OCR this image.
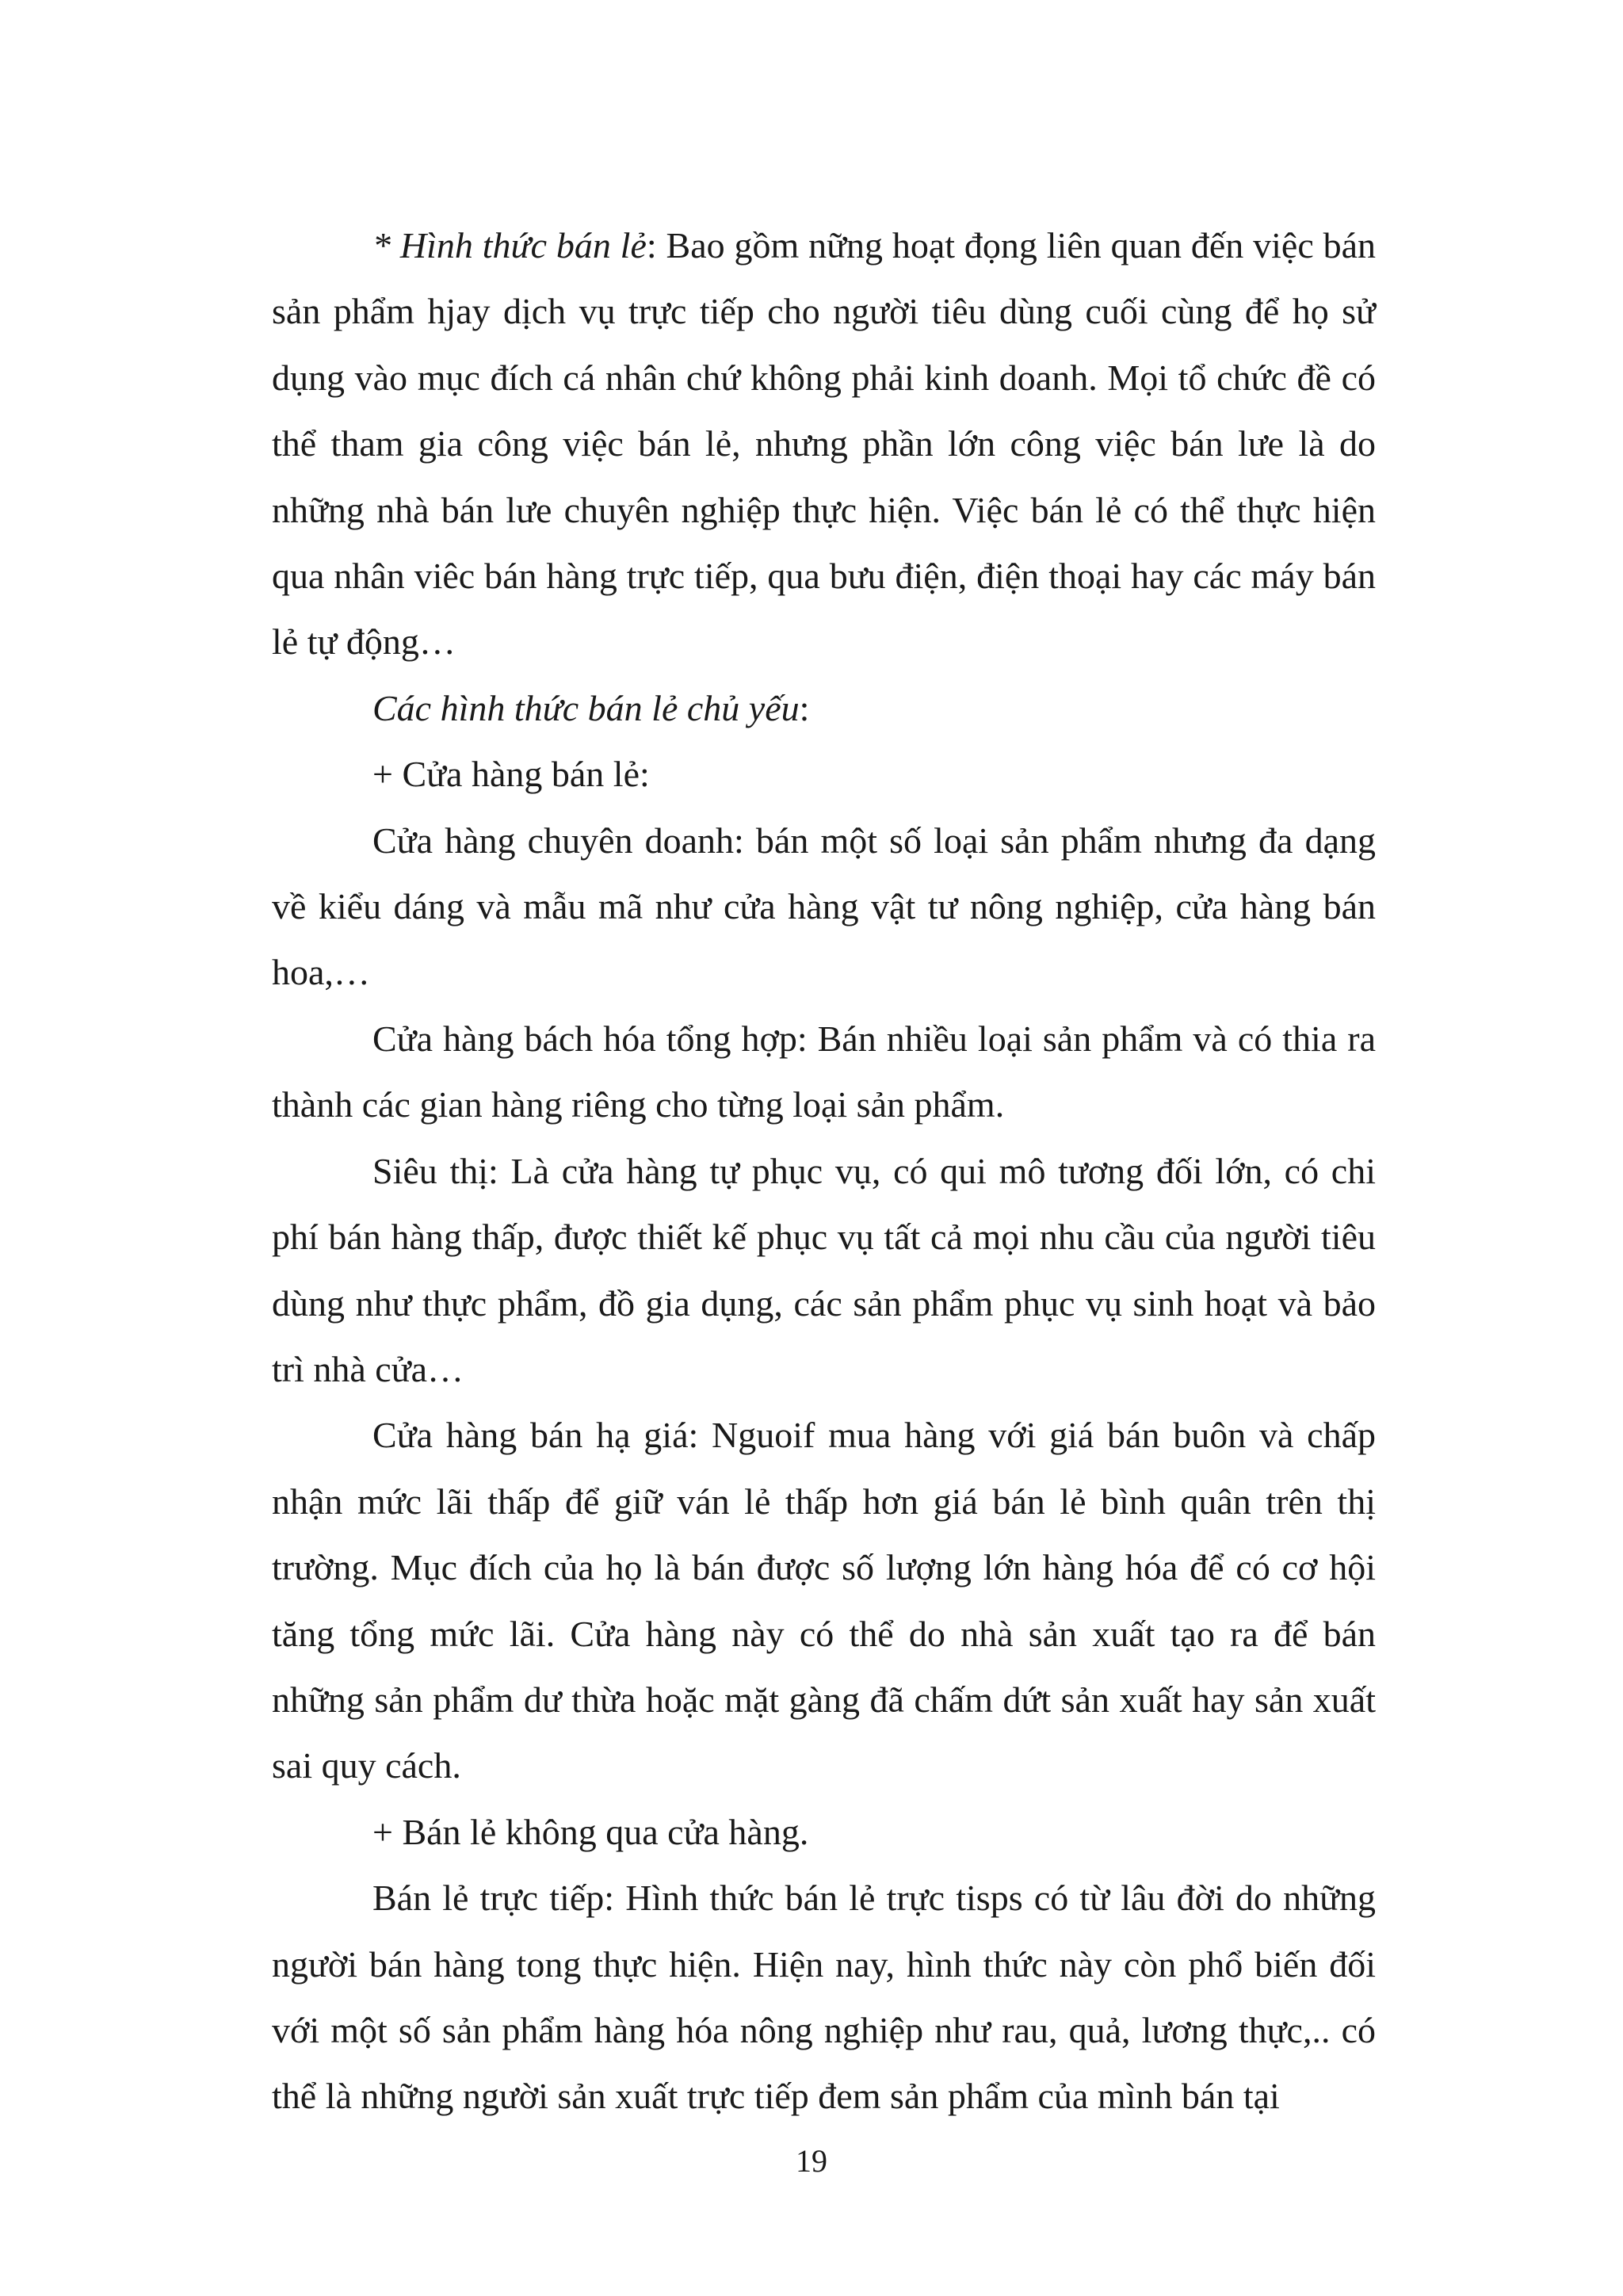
* Hình thức bán lẻ: Bao gồm nững hoạt đọng liên quan đến việc bán sản phẩm hjay dịch vụ trực tiếp cho người tiêu dùng cuối cùng để họ sử dụng vào mục đích cá nhân chứ không phải kinh doanh. Mọi tổ chức đề có thể tham gia công việc bán lẻ, nhưng phần lớn công việc bán lưe là do những nhà bán lưe chuyên nghiệp thực hiện. Việc bán lẻ có thể thực hiện qua nhân viêc bán hàng trực tiếp, qua bưu điện, điện thoại hay các máy bán lẻ tự động…

Các hình thức bán lẻ chủ yếu:

+ Cửa hàng bán lẻ:

Cửa hàng chuyên doanh: bán một số loại sản phẩm nhưng đa dạng về kiểu dáng và mẫu mã như cửa hàng vật tư nông nghiệp, cửa hàng bán hoa,…

Cửa hàng bách hóa tổng hợp: Bán nhiều loại sản phẩm và có thia ra thành các gian hàng riêng cho từng loại sản phẩm.

Siêu thị: Là cửa hàng tự phục vụ, có qui mô tương đối lớn, có chi phí bán hàng thấp, được thiết kế phục vụ tất cả mọi nhu cầu của người tiêu dùng như thực phẩm, đồ gia dụng, các sản phẩm phục vụ sinh hoạt và bảo trì nhà cửa…

Cửa hàng bán hạ giá: Nguoif mua hàng với giá bán buôn và chấp nhận mức lãi thấp để giữ ván lẻ thấp hơn giá bán lẻ bình quân trên thị trường. Mục đích của họ là bán được số lượng lớn hàng hóa để có cơ hội tăng tổng mức lãi. Cửa hàng này có thể do nhà sản xuất tạo ra để bán những sản phẩm dư thừa hoặc mặt gàng đã chấm dứt sản xuất hay sản xuất sai quy cách.

+ Bán lẻ không qua cửa hàng.

Bán lẻ trực tiếp: Hình thức bán lẻ trực tisps có từ lâu đời do những người bán hàng tong thực hiện. Hiện nay, hình thức này còn phổ biến đối với một số sản phẩm hàng hóa nông nghiệp như rau, quả, lương thực,.. có thể là những người sản xuất trực tiếp đem sản phẩm của mình bán tại

19
